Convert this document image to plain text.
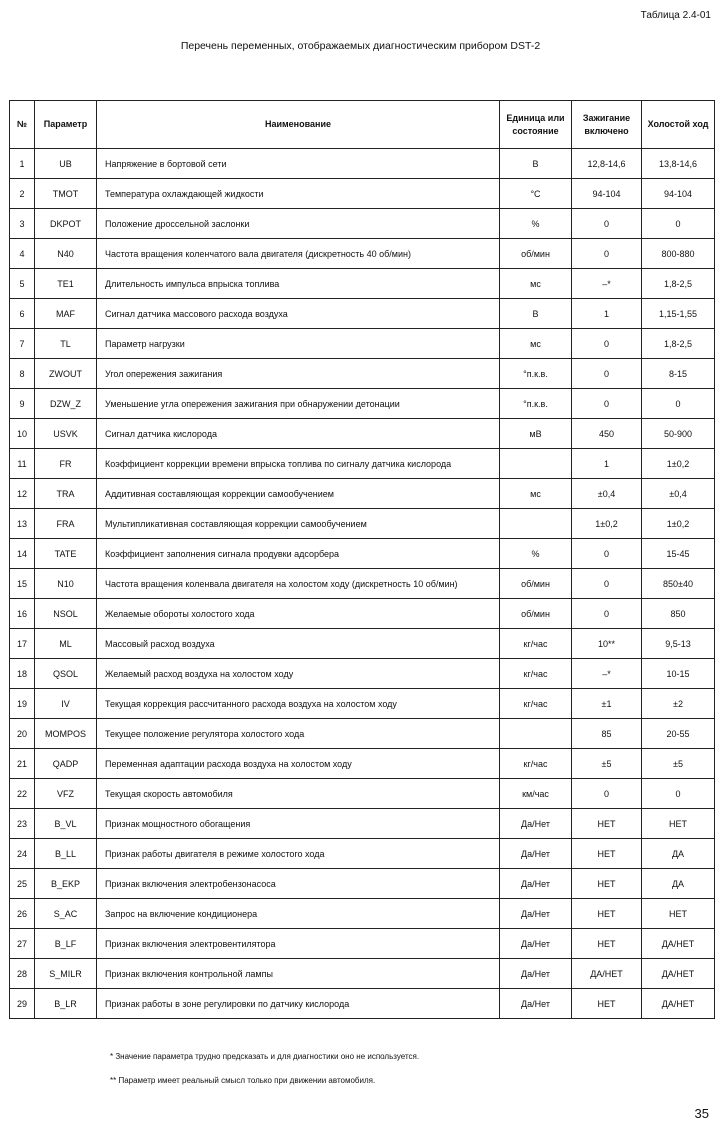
Таблица 2.4-01
Перечень переменных, отображаемых диагностическим прибором DST-2
№	Параметр	Наименование	Единица или состояние	Зажигание включено	Холостой ход
1	UB	Напряжение в бортовой сети	В	12,8-14,6	13,8-14,6
2	TMOT	Температура охлаждающей жидкости	°C	94-104	94-104
3	DKPOT	Положение дроссельной заслонки	%	0	0
4	N40	Частота вращения коленчатого вала двигателя (дискретность 40 об/мин)	об/мин	0	800-880
5	TE1	Длительность импульса впрыска топлива	мс	–*	1,8-2,5
6	MAF	Сигнал датчика массового расхода воздуха	В	1	1,15-1,55
7	TL	Параметр нагрузки	мс	0	1,8-2,5
8	ZWOUT	Угол опережения зажигания	°п.к.в.	0	8-15
9	DZW_Z	Уменьшение угла опережения зажигания при обнаружении детонации	°п.к.в.	0	0
10	USVK	Сигнал датчика кислорода	мВ	450	50-900
11	FR	Коэффициент коррекции времени впрыска топлива по сигналу датчика кислорода		1	1±0,2
12	TRA	Аддитивная составляющая коррекции самообучением	мс	±0,4	±0,4
13	FRA	Мультипликативная составляющая коррекции самообучением		1±0,2	1±0,2
14	TATE	Коэффициент заполнения сигнала продувки адсорбера	%	0	15-45
15	N10	Частота вращения коленвала двигателя на холостом ходу (дискретность 10 об/мин)	об/мин	0	850±40
16	NSOL	Желаемые обороты холостого хода	об/мин	0	850
17	ML	Массовый расход воздуха	кг/час	10**	9,5-13
18	QSOL	Желаемый расход воздуха на холостом ходу	кг/час	–*	10-15
19	IV	Текущая коррекция рассчитанного расхода воздуха на холостом ходу	кг/час	±1	±2
20	MOMPOS	Текущее положение регулятора холостого хода		85	20-55
21	QADP	Переменная адаптации расхода воздуха на холостом ходу	кг/час	±5	±5
22	VFZ	Текущая скорость автомобиля	км/час	0	0
23	B_VL	Признак мощностного обогащения	Да/Нет	НЕТ	НЕТ
24	B_LL	Признак работы двигателя в режиме холостого хода	Да/Нет	НЕТ	ДА
25	B_EKP	Признак включения электробензонасоса	Да/Нет	НЕТ	ДА
26	S_AC	Запрос на включение кондиционера	Да/Нет	НЕТ	НЕТ
27	B_LF	Признак включения электровентилятора	Да/Нет	НЕТ	ДА/НЕТ
28	S_MILR	Признак включения контрольной лампы	Да/Нет	ДА/НЕТ	ДА/НЕТ
29	B_LR	Признак работы в зоне регулировки по датчику кислорода	Да/Нет	НЕТ	ДА/НЕТ
* Значение параметра трудно предсказать и для диагностики оно не используется.
** Параметр имеет реальный смысл только при движении автомобиля.
35
